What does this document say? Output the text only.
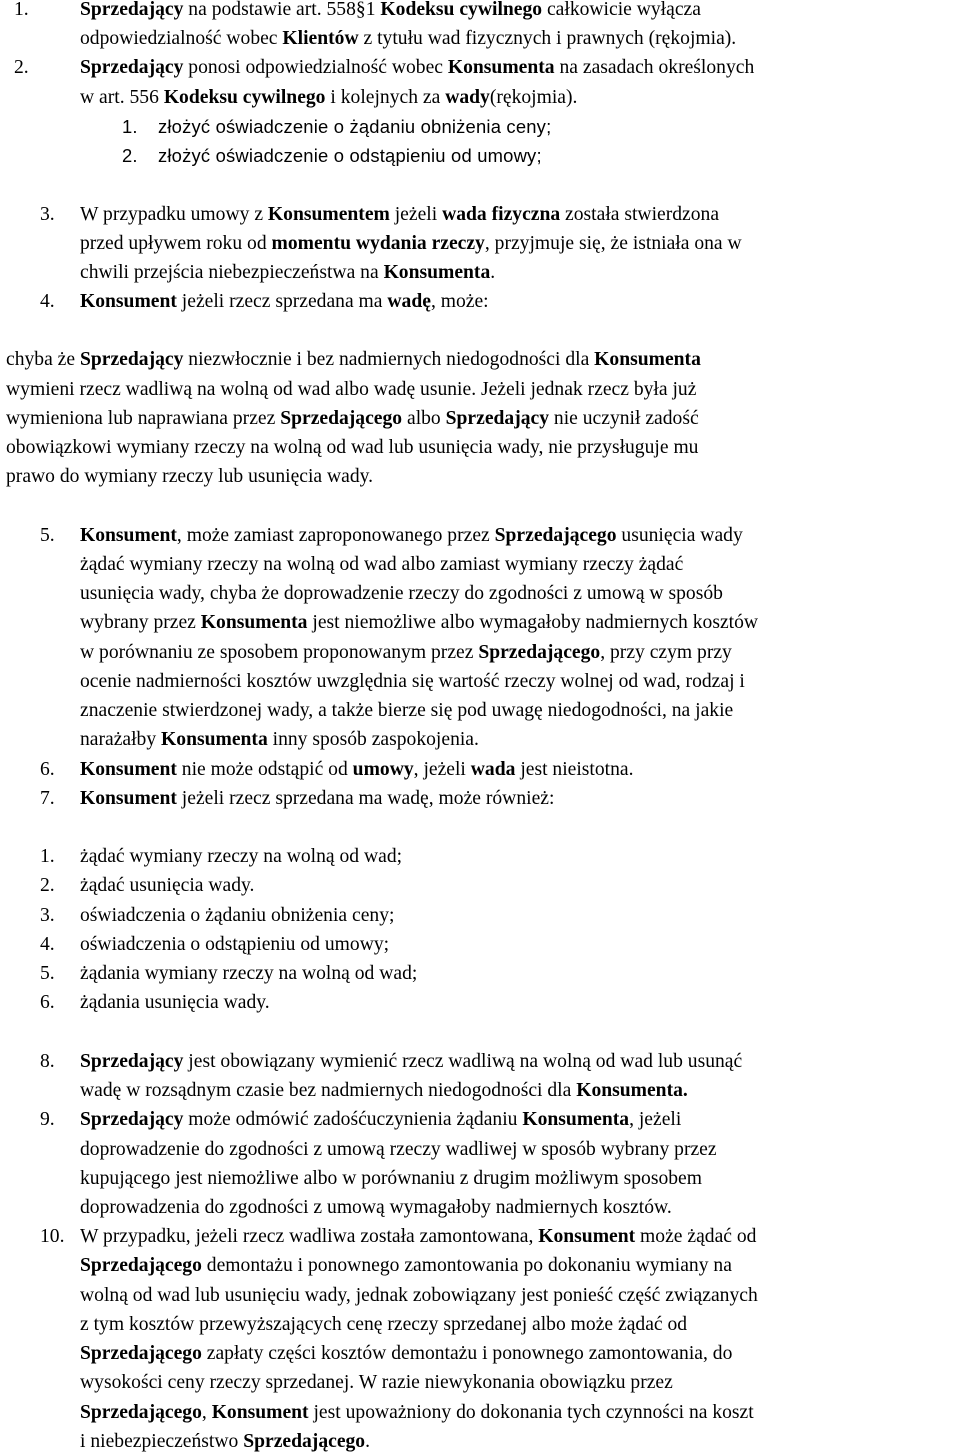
1.	Sprzedający na podstawie art. 558§1 Kodeksu cywilnego całkowicie wyłącza
odpowiedzialność wobec Klientów z tytułu wad fizycznych i prawnych (rękojmia).
2.	Sprzedający ponosi odpowiedzialność wobec Konsumenta na zasadach określonych
w art. 556 Kodeksu cywilnego i kolejnych za wady(rękojmia).
1. złożyć oświadczenie o żądaniu obniżenia ceny;
2. złożyć oświadczenie o odstąpieniu od umowy;
3. W przypadku umowy z Konsumentem jeżeli wada fizyczna została stwierdzona
przed upływem roku od momentu wydania rzeczy, przyjmuje się, że istniała ona w
chwili przejścia niebezpieczeństwa na Konsumenta.
4. Konsument jeżeli rzecz sprzedana ma wadę, może:
chyba że Sprzedający niezwłocznie i bez nadmiernych niedogodności dla Konsumenta
wymieni rzecz wadliwą na wolną od wad albo wadę usunie. Jeżeli jednak rzecz była już
wymieniona lub naprawiana przez Sprzedającego albo Sprzedający nie uczynił zadość
obowiązkowi wymiany rzeczy na wolną od wad lub usunięcia wady, nie przysługuje mu
prawo do wymiany rzeczy lub usunięcia wady.
5. Konsument, może zamiast zaproponowanego przez Sprzedającego usunięcia wady
żądać wymiany rzeczy na wolną od wad albo zamiast wymiany rzeczy żądać
usunięcia wady, chyba że doprowadzenie rzeczy do zgodności z umową w sposób
wybrany przez Konsumenta jest niemożliwe albo wymagałoby nadmiernych kosztów
w porównaniu ze sposobem proponowanym przez Sprzedającego, przy czym przy
ocenie nadmierności kosztów uwzględnia się wartość rzeczy wolnej od wad, rodzaj i
znaczenie stwierdzonej wady, a także bierze się pod uwagę niedogodności, na jakie
narażałby Konsumenta inny sposób zaspokojenia.
6. Konsument nie może odstąpić od umowy, jeżeli wada jest nieistotna.
7. Konsument jeżeli rzecz sprzedana ma wadę, może również:
1. żądać wymiany rzeczy na wolną od wad;
2. żądać usunięcia wady.
3. oświadczenia o żądaniu obniżenia ceny;
4. oświadczenia o odstąpieniu od umowy;
5. żądania wymiany rzeczy na wolną od wad;
6. żądania usunięcia wady.
8. Sprzedający jest obowiązany wymienić rzecz wadliwą na wolną od wad lub usunąć
wadę w rozsądnym czasie bez nadmiernych niedogodności dla Konsumenta.
9. Sprzedający może odmówić zadośćuczynienia żądaniu Konsumenta, jeżeli
doprowadzenie do zgodności z umową rzeczy wadliwej w sposób wybrany przez
kupującego jest niemożliwe albo w porównaniu z drugim możliwym sposobem
doprowadzenia do zgodności z umową wymagałoby nadmiernych kosztów.
10. W przypadku, jeżeli rzecz wadliwa została zamontowana, Konsument może żądać od
Sprzedającego demontażu i ponownego zamontowania po dokonaniu wymiany na
wolną od wad lub usunięciu wady, jednak zobowiązany jest ponieść część związanych
z tym kosztów przewyższających cenę rzeczy sprzedanej albo może żądać od
Sprzedającego zapłaty części kosztów demontażu i ponownego zamontowania, do
wysokości ceny rzeczy sprzedanej. W razie niewykonania obowiązku przez
Sprzedającego, Konsument jest upoważniony do dokonania tych czynności na koszt
i niebezpieczeństwo Sprzedającego.
